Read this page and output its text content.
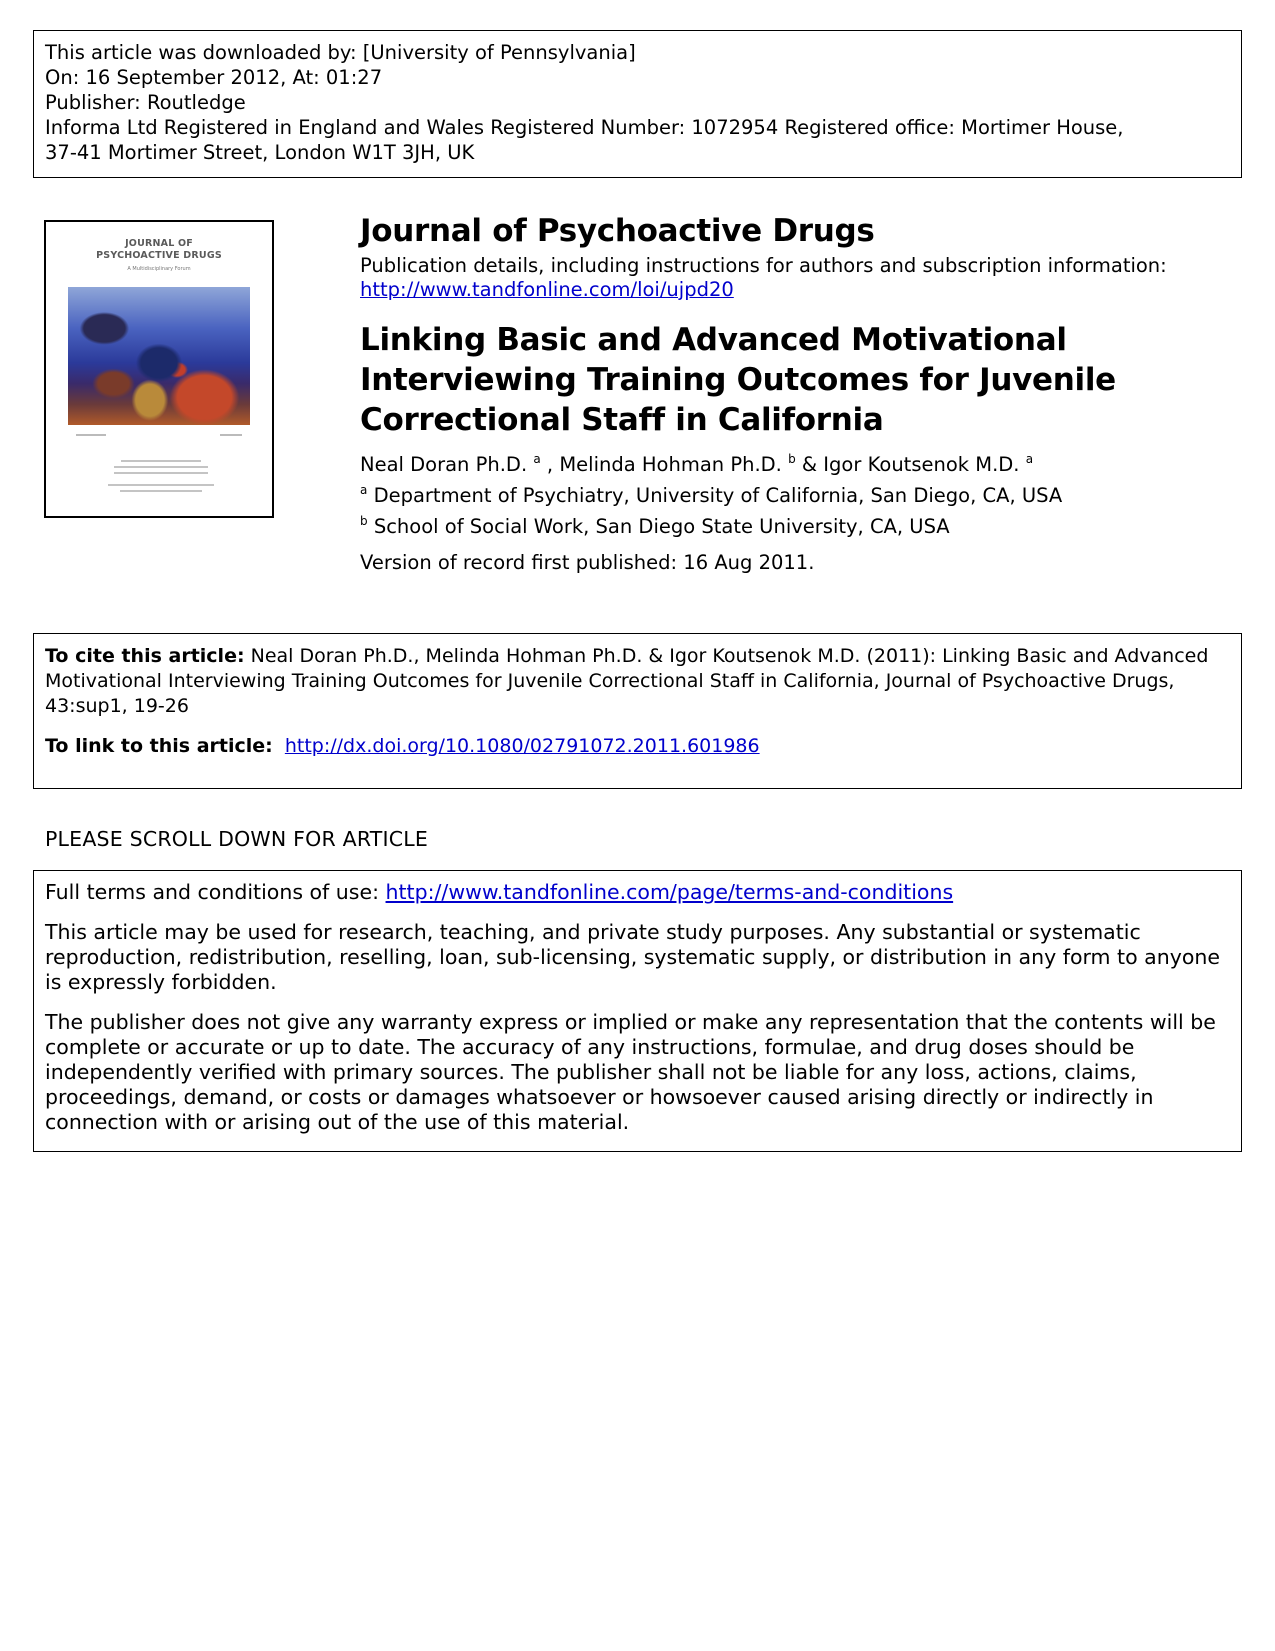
This article was downloaded by: [University of Pennsylvania]
On: 16 September 2012, At: 01:27
Publisher: Routledge
Informa Ltd Registered in England and Wales Registered Number: 1072954 Registered office: Mortimer House,
37-41 Mortimer Street, London W1T 3JH, UK
JOURNAL OF
PSYCHOACTIVE DRUGS
A Multidisciplinary Forum
Journal of Psychoactive Drugs
Publication details, including instructions for authors and subscription information:
http://www.tandfonline.com/loi/ujpd20
Linking Basic and Advanced Motivational Interviewing Training Outcomes for Juvenile Correctional Staff in California
Neal Doran Ph.D. $^a$ , Melinda Hohman Ph.D. $^b$ & Igor Koutsenok M.D. $^a$
$^a$ Department of Psychiatry, University of California, San Diego, CA, USA
$^b$ School of Social Work, San Diego State University, CA, USA
Version of record first published: 16 Aug 2011.

To cite this article: Neal Doran Ph.D., Melinda Hohman Ph.D. & Igor Koutsenok M.D. (2011): Linking Basic and Advanced Motivational Interviewing Training Outcomes for Juvenile Correctional Staff in California, Journal of Psychoactive Drugs, 43:sup1, 19-26

To link to this article: http://dx.doi.org/10.1080/02791072.2011.601986
PLEASE SCROLL DOWN FOR ARTICLE

Full terms and conditions of use: http://www.tandfonline.com/page/terms-and-conditions

This article may be used for research, teaching, and private study purposes. Any substantial or systematic reproduction, redistribution, reselling, loan, sub-licensing, systematic supply, or distribution in any form to anyone is expressly forbidden.

The publisher does not give any warranty express or implied or make any representation that the contents will be complete or accurate or up to date. The accuracy of any instructions, formulae, and drug doses should be independently verified with primary sources. The publisher shall not be liable for any loss, actions, claims, proceedings, demand, or costs or damages whatsoever or howsoever caused arising directly or indirectly in connection with or arising out of the use of this material.
